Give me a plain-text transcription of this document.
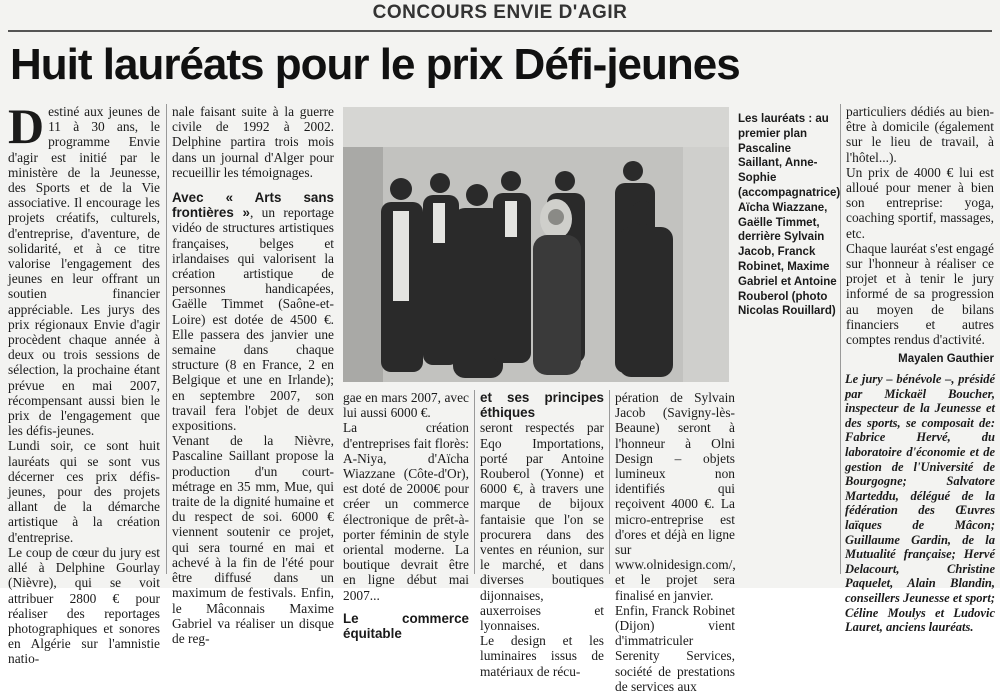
CONCOURS ENVIE D'AGIR
Huit lauréats pour le prix Défi-jeunes

Destiné aux jeunes de 11 à 30 ans, le programme Envie d'agir est initié par le ministère de la Jeunesse, des Sports et de la Vie associative. Il encourage les projets créatifs, culturels, d'entreprise, d'aventure, de solidarité, et à ce titre valorise l'engagement des jeunes en leur offrant un soutien financier appréciable. Les jurys des prix régionaux Envie d'agir procèdent chaque année à deux ou trois sessions de sélection, la prochaine étant prévue en mai 2007, récompensant aussi bien le prix de l'engagement que les défis-jeunes.

Lundi soir, ce sont huit lauréats qui se sont vus décerner ces prix défis-jeunes, pour des projets allant de la démarche artistique à la création d'entreprise.

Le coup de cœur du jury est allé à Delphine Gourlay (Nièvre), qui se voit attribuer 2800 € pour réaliser des reportages photographiques et sonores en Algérie sur l'amnistie natio-

nale faisant suite à la guerre civile de 1992 à 2002. Delphine partira trois mois dans un journal d'Alger pour recueillir les témoignages.

Avec « Arts sans frontières », un reportage vidéo de structures artistiques françaises, belges et irlandaises qui valorisent la création artistique de personnes handicapées, Gaëlle Timmet (Saône-et-Loire) est dotée de 4500 €. Elle passera des janvier une semaine dans chaque structure (8 en France, 2 en Belgique et une en Irlande); en septembre 2007, son travail fera l'objet de deux expositions.

Venant de la Nièvre, Pascaline Saillant propose la production d'un court-métrage en 35 mm, Mue, qui traite de la dignité humaine et du respect de soi. 6000 € viennent soutenir ce projet, qui sera tourné en mai et achevé à la fin de l'été pour être diffusé dans un maximum de festivals. Enfin, le Mâconnais Maxime Gabriel va réaliser un disque de reg-

Les lauréats : au premier plan Pascaline Saillant, Anne-Sophie (accompagnatrice) Aïcha Wiazzane, Gaëlle Timmet, derrière Sylvain Jacob, Franck Robinet, Maxime Gabriel et Antoine Rouberol (photo Nicolas Rouillard)

gae en mars 2007, avec lui aussi 6000 €.

La création d'entreprises fait florès: A-Niya, d'Aïcha Wiazzane (Côte-d'Or), est doté de 2000€ pour créer un commerce électronique de prêt-à-porter féminin de style oriental moderne. La boutique devrait être en ligne début mai 2007...

Le commerce équitable

et ses principes éthiques

seront respectés par Eqo Importations, porté par Antoine Rouberol (Yonne) et 6000 €, à travers une marque de bijoux fantaisie que l'on se procurera dans des ventes en réunion, sur le marché, et dans diverses boutiques dijonnaises, auxerroises et lyonnaises.

Le design et les luminaires issus de matériaux de récu-

pération de Sylvain Jacob (Savigny-lès-Beaune) seront à l'honneur à Olni Design – objets lumineux non identifiés qui reçoivent 4000 €. La micro-entreprise est d'ores et déjà en ligne sur www.olnidesign.com/, et le projet sera finalisé en janvier.

Enfin, Franck Robinet (Dijon) vient d'immatriculer Serenity Services, société de prestations de services aux

particuliers dédiés au bien-être à domicile (également sur le lieu de travail, à l'hôtel...).

Un prix de 4000 € lui est alloué pour mener à bien son entreprise: yoga, coaching sportif, massages, etc.

Chaque lauréat s'est engagé sur l'honneur à réaliser ce projet et à tenir le jury informé de sa progression au moyen de bilans financiers et autres comptes rendus d'activité.

Mayalen Gauthier
Le jury – bénévole –, présidé par Mickaël Boucher, inspecteur de la Jeunesse et des sports, se composait de: Fabrice Hervé, du laboratoire d'économie et de gestion de l'Université de Bourgogne; Salvatore Marteddu, délégué de la fédération des Œuvres laïques de Mâcon; Guillaume Gardin, de la Mutualité française; Hervé Delacourt, Christine Paquelet, Alain Blandin, conseillers Jeunesse et sport; Céline Moulys et Ludovic Lauret, anciens lauréats.
